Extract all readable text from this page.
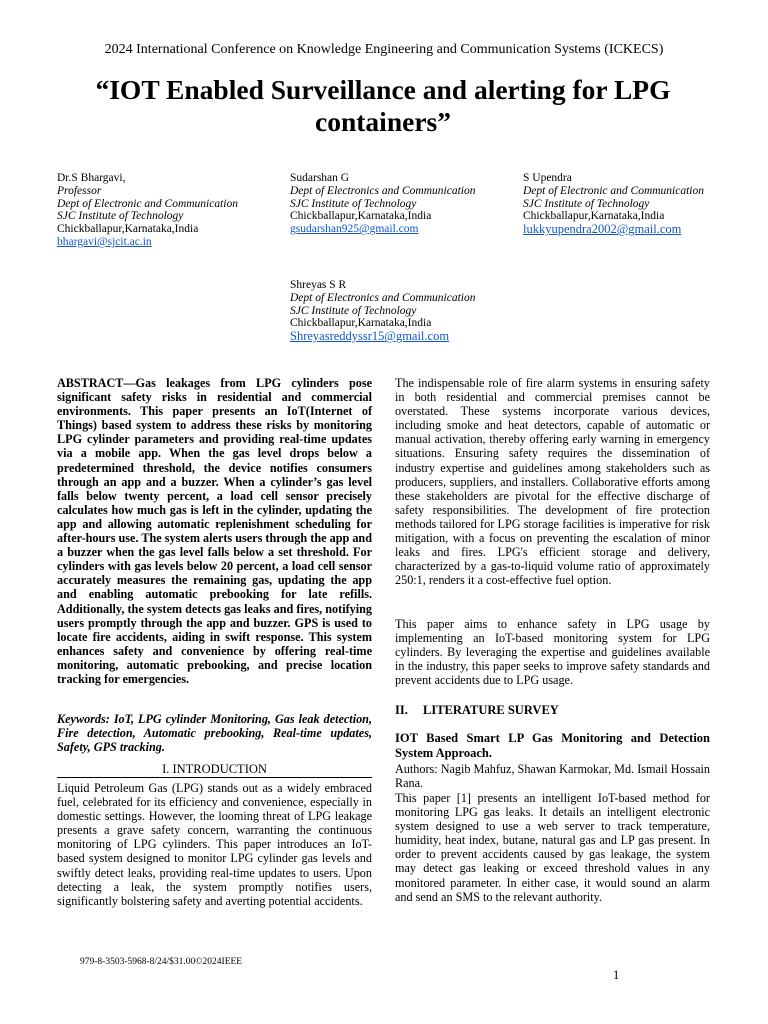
2024 International Conference on Knowledge Engineering and Communication Systems (ICKECS)
“IOT Enabled Surveillance and alerting for LPG containers”
Dr.S Bhargavi,
Professor
Dept of Electronic and Communication
SJC Institute of Technology
Chickballapur,Karnataka,India
bhargavi@sjcit.ac.in
Sudarshan G
Dept of Electronics and Communication
SJC Institute of Technology
Chickballapur,Karnataka,India
gsudarshan925@gmail.com
S Upendra
Dept of Electronic and Communication
SJC Institute of Technology
Chickballapur,Karnataka,India
lukkyupendra2002@gmail.com
Shreyas S R
Dept of Electronics and Communication
SJC Institute of Technology
Chickballapur,Karnataka,India
Shreyasreddyssr15@gmail.com

ABSTRACT—Gas leakages from LPG cylinders pose significant safety risks in residential and commercial environments. This paper presents an IoT(Internet of Things) based system to address these risks by monitoring LPG cylinder parameters and providing real-time updates via a mobile app. When the gas level drops below a predetermined threshold, the device notifies consumers through an app and a buzzer. When a cylinder’s gas level falls below twenty percent, a load cell sensor precisely calculates how much gas is left in the cylinder, updating the app and allowing automatic replenishment scheduling for after-hours use. The system alerts users through the app and a buzzer when the gas level falls below a set threshold. For cylinders with gas levels below 20 percent, a load cell sensor accurately measures the remaining gas, updating the app and enabling automatic prebooking for late refills. Additionally, the system detects gas leaks and fires, notifying users promptly through the app and buzzer. GPS is used to locate fire accidents, aiding in swift response. This system enhances safety and convenience by offering real-time monitoring, automatic prebooking, and precise location tracking for emergencies.

Keywords: IoT, LPG cylinder Monitoring, Gas leak detection, Fire detection, Automatic prebooking, Real-time updates, Safety, GPS tracking.

I. INTRODUCTION

Liquid Petroleum Gas (LPG) stands out as a widely embraced fuel, celebrated for its efficiency and convenience, especially in domestic settings. However, the looming threat of LPG leakage presents a grave safety concern, warranting the continuous monitoring of LPG cylinders. This paper introduces an IoT-based system designed to monitor LPG cylinder gas levels and swiftly detect leaks, providing real-time updates to users. Upon detecting a leak, the system promptly notifies users, significantly bolstering safety and averting potential accidents.

The indispensable role of fire alarm systems in ensuring safety in both residential and commercial premises cannot be overstated. These systems incorporate various devices, including smoke and heat detectors, capable of automatic or manual activation, thereby offering early warning in emergency situations. Ensuring safety requires the dissemination of industry expertise and guidelines among stakeholders such as producers, suppliers, and installers. Collaborative efforts among these stakeholders are pivotal for the effective discharge of safety responsibilities. The development of fire protection methods tailored for LPG storage facilities is imperative for risk mitigation, with a focus on preventing the escalation of minor leaks and fires. LPG's efficient storage and delivery, characterized by a gas-to-liquid volume ratio of approximately 250:1, renders it a cost-effective fuel option.

This paper aims to enhance safety in LPG usage by implementing an IoT-based monitoring system for LPG cylinders. By leveraging the expertise and guidelines available in the industry, this paper seeks to improve safety standards and prevent accidents due to LPG usage.

II. LITERATURE SURVEY

IOT Based Smart LP Gas Monitoring and Detection System Approach.

Authors: Nagib Mahfuz, Shawan Karmokar, Md. Ismail Hossain Rana.

This paper [1] presents an intelligent IoT-based method for monitoring LPG gas leaks. It details an intelligent electronic system designed to use a web server to track temperature, humidity, heat index, butane, natural gas and LP gas present. In order to prevent accidents caused by gas leakage, the system may detect gas leaking or exceed threshold values in any monitored parameter. In either case, it would sound an alarm and send an SMS to the relevant authority.

979-8-3503-5968-8/24/$31.00©2024IEEE
1
